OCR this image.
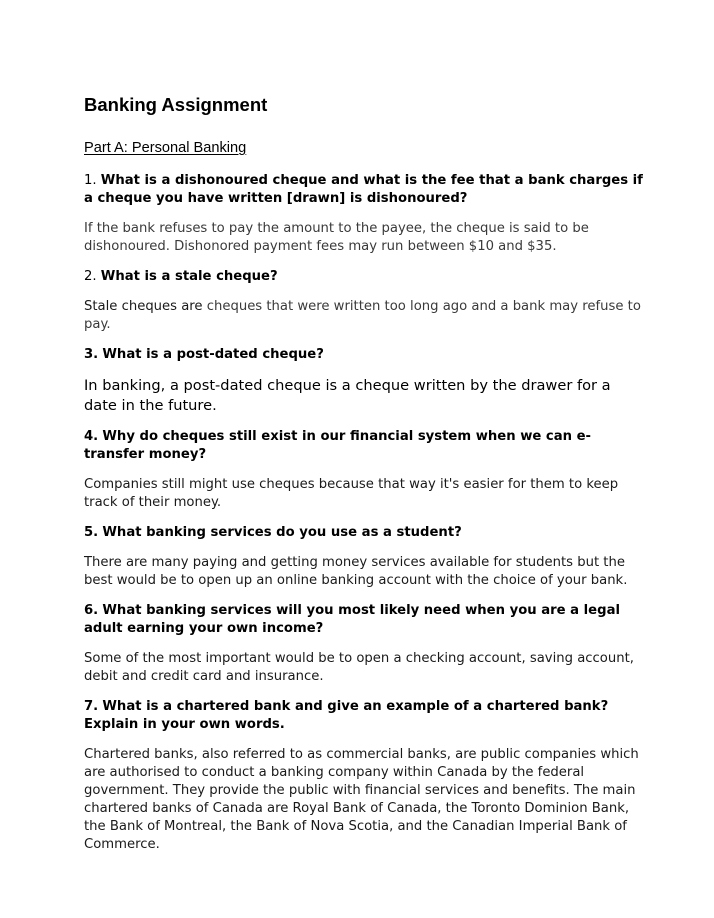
Banking Assignment
Part A: Personal Banking
1. What is a dishonoured cheque and what is the fee that a bank charges if a cheque you have written [drawn] is dishonoured?
If the bank refuses to pay the amount to the payee, the cheque is said to be dishonoured. Dishonored payment fees may run between $10 and $35.
2. What is a stale cheque?
Stale cheques are cheques that were written too long ago and a bank may refuse to pay.
3. What is a post-dated cheque?
In banking, a post-dated cheque is a cheque written by the drawer for a date in the future.
4. Why do cheques still exist in our financial system when we can e-transfer money?
Companies still might use cheques because that way it's easier for them to keep track of their money.
5. What banking services do you use as a student?
There are many paying and getting money services available for students but the best would be to open up an online banking account with the choice of your bank.
6. What banking services will you most likely need when you are a legal adult earning your own income?
Some of the most important would be to open a checking account, saving account, debit and credit card and insurance.
7. What is a chartered bank and give an example of a chartered bank? Explain in your own words.
Chartered banks, also referred to as commercial banks, are public companies which are authorised to conduct a banking company within Canada by the federal government. They provide the public with financial services and benefits. The main chartered banks of Canada are Royal Bank of Canada, the Toronto Dominion Bank, the Bank of Montreal, the Bank of Nova Scotia, and the Canadian Imperial Bank of Commerce.
